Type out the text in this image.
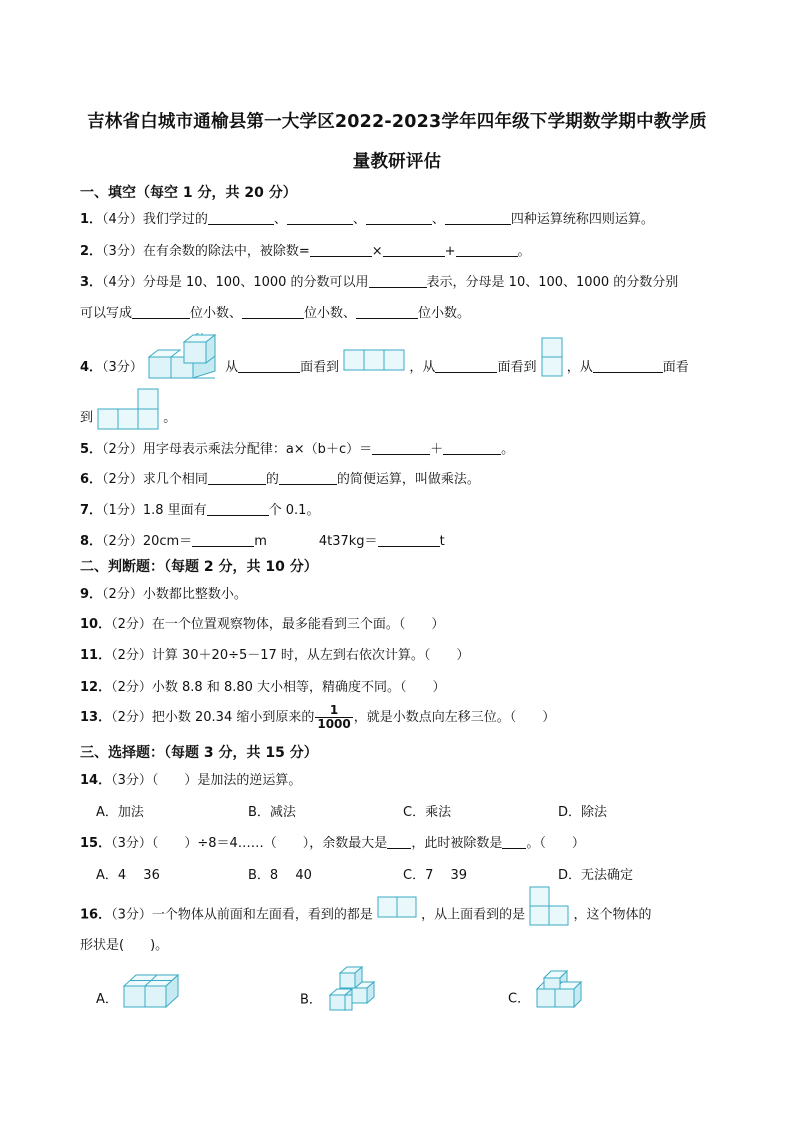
吉林省白城市通榆县第一大学区2022-2023学年四年级下学期数学期中教学质
量教研评估
一、填空（每空 1 分，共 20 分）
1．（4分）我们学过的	、	、	、	四种运算统称四则运算。
2．（3分）在有余数的除法中，被除数=	×	+	。
3．（4分）分母是 10、100、1000 的分数可以用	表示，分母是 10、100、1000 的分数分别
可以写成	位小数、	位小数、	位小数。
4．（3分）	从	面看到	，从	面看到 ，从	面看
到	。
5．（2分）用字母表示乘法分配律：a×（b＋c）＝	＋	。
6．（2分）求几个相同	的	的简便运算，叫做乘法。
7．（1分）1.8 里面有	个 0.1。
8．（2分）20cm＝	m	4t37kg＝	t
二、判断题：（每题 2 分，共 10 分）
9．（2分）小数都比整数小。
10．（2分）在一个位置观察物体，最多能看到三个面。（　　）
11．（2分）计算 30＋20÷5－17 时，从左到右依次计算。（　　）
12．（2分）小数 8.8 和 8.80 大小相等，精确度不同。（　　）
13．（2分）把小数 20.34 缩小到原来的 $\frac{1}{1000}$ ，就是小数点向左移三位。（　　）
三、选择题：（每题 3 分，共 15 分）
14．（3分）（　　）是加法的逆运算。
A．加法	B．减法	C．乘法	D．除法
15．（3分）（　　）÷8＝4……（　　），余数最大是 ，此时被除数是 。（　　）
A．4　 36	B．8　 40	C．7　 39	D．无法确定
16．（3分）一个物体从前面和左面看，看到的都是	，从上面看到的是	，这个物体的
形状是(　　)。
A．	B．	C．
